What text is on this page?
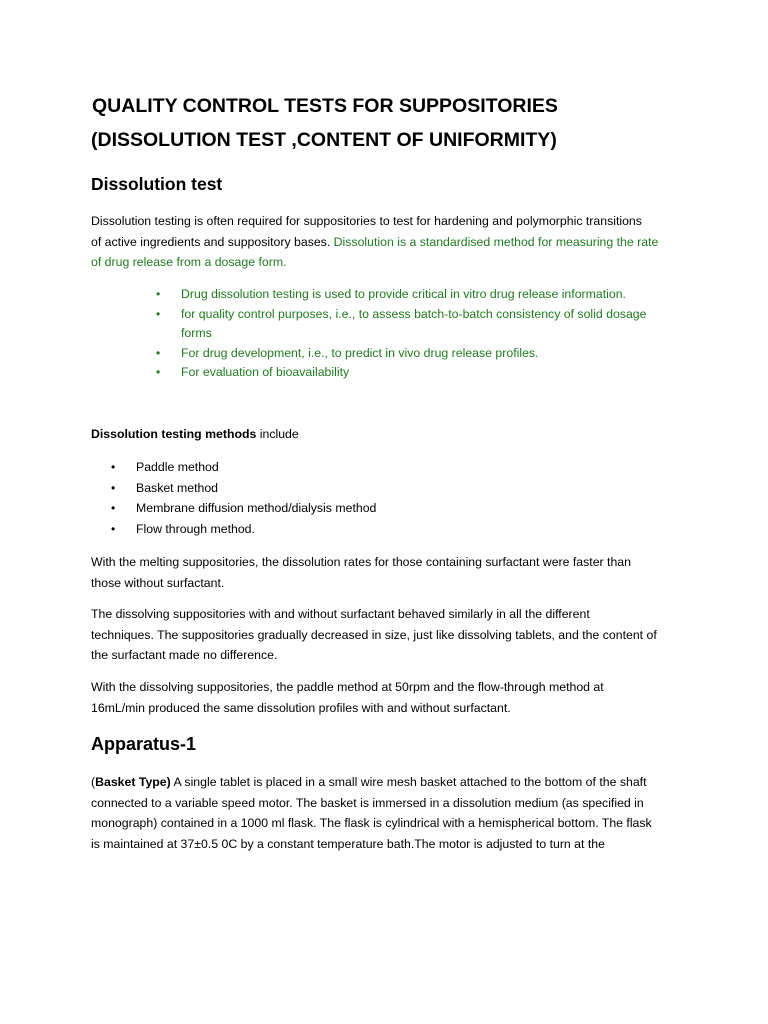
QUALITY CONTROL TESTS FOR SUPPOSITORIES
(DISSOLUTION TEST ,CONTENT OF UNIFORMITY)
Dissolution test
Dissolution testing is often required for suppositories to test for hardening and polymorphic transitions
of active ingredients and suppository bases. Dissolution is a standardised method for measuring the rate
of drug release from a dosage form.
• Drug dissolution testing is used to provide critical in vitro drug release information.
• for quality control purposes, i.e., to assess batch-to-batch consistency of solid dosage
forms
• For drug development, i.e., to predict in vivo drug release profiles.
• For evaluation of bioavailability
Dissolution testing methods include
• Paddle method
• Basket method
• Membrane diffusion method/dialysis method
• Flow through method.
With the melting suppositories, the dissolution rates for those containing surfactant were faster than
those without surfactant.
The dissolving suppositories with and without surfactant behaved similarly in all the different
techniques. The suppositories gradually decreased in size, just like dissolving tablets, and the content of
the surfactant made no difference.
With the dissolving suppositories, the paddle method at 50rpm and the flow-through method at
16mL/min produced the same dissolution profiles with and without surfactant.
Apparatus-1
(Basket Type) A single tablet is placed in a small wire mesh basket attached to the bottom of the shaft
connected to a variable speed motor. The basket is immersed in a dissolution medium (as specified in
monograph) contained in a 1000 ml flask. The flask is cylindrical with a hemispherical bottom. The flask
is maintained at 37±0.5 0C by a constant temperature bath.The motor is adjusted to turn at the
